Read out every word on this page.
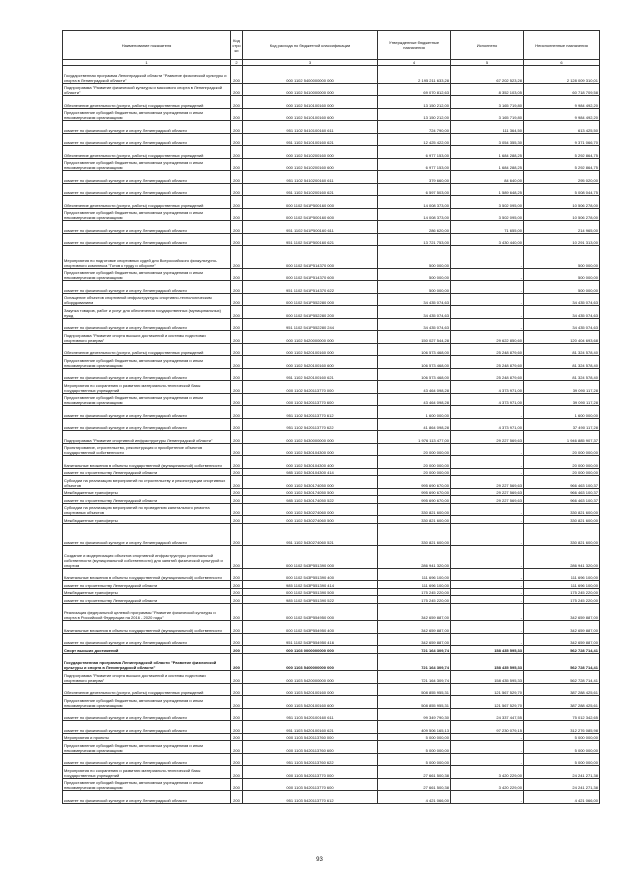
Наименование показателя	Код стро ки	Код расхода по бюджетной классификации	Утвержденные бюджетные назначения	Исполнено	Неисполненные назначения
1	2	3	4	5	6
Государственная программа Ленинградской области "Развитие физической культуры и спорта в Ленинградской области"	200	000 1102 5400000000 000	2 195 211 633,28	67 202 523,28	2 128 009 310,01
Подпрограмма "Развитие физической культуры и массового спорта в Ленинградской области"	200	000 1102 5410000000 000	69 070 812,63	8 352 103,05	60 718 709,58
Обеспечение деятельности (услуги, работы) государственных учреждений	200	000 1102 5410100160 000	13 150 212,00	3 165 719,80	9 984 492,20
Предоставление субсидий бюджетным, автономным учреждениям и иным некоммерческим организациям	200	000 1102 5410100160 600	13 150 212,00	3 165 719,80	9 984 492,20
комитет по физической культуре и спорту Ленинградской области	200	951 1102 5410100160 611	724 790,00	111 364,50	613 425,50
комитет по физической культуре и спорту Ленинградской области	200	951 1102 5410100160 621	12 425 422,00	3 054 355,30	9 371 066,70
Обеспечение деятельности (услуги, работы) государственных учреждений	200	000 1102 5410200160 000	6 977 153,00	1 684 288,25	5 292 864,75
Предоставление субсидий бюджетным, автономным учреждениям и иным некоммерческим организациям	200	000 1102 5410200160 600	6 977 153,00	1 684 288,25	5 292 864,75
комитет по физической культуре и спорту Ленинградской области	200	951 1102 5410200160 611	379 660,00	84 640,00	295 020,00
комитет по физической культуре и спорту Ленинградской области	200	951 1102 5410200160 621	6 597 503,00	1 589 648,25	5 008 044,75
Обеспечение деятельности (услуги, работы) государственных учреждений	200	000 1102 541P500160 000	14 008 373,00	3 502 095,00	10 506 278,00
Предоставление субсидий бюджетным, автономным учреждениям и иным некоммерческим организациям	200	000 1102 541P500160 600	14 008 373,00	3 502 095,00	10 506 278,00
комитет по физической культуре и спорту Ленинградской области	200	951 1102 541P500160 611	286 620,00	71 655,00	214 965,00
комитет по физической культуре и спорту Ленинградской области	200	951 1102 541P500160 621	13 721 753,00	3 430 440,00	10 291 313,00
Мероприятия по подготовке спортивных судей для Всероссийского физкультурно-спортивного комплекса "Готов к труду и обороне"	200	000 1102 541P514370 000	500 000,00	-	500 000,00
Предоставление субсидий бюджетным, автономным учреждениям и иным некоммерческим организациям	200	000 1102 541P514370 600	500 000,00	-	500 000,00
комитет по физической культуре и спорту Ленинградской области	200	951 1102 541P514370 622	500 000,00	-	500 000,00
Оснащение объектов спортивной инфраструктуры спортивно-технологическим оборудованием	200	000 1102 541P552280 000	34 435 074,63	-	34 435 074,63
Закупка товаров, работ и услуг для обеспечения государственных (муниципальных) нужд	200	000 1102 541P552280 200	34 435 074,63	-	34 435 074,63
комитет по физической культуре и спорту Ленинградской области	200	951 1102 541P552280 244	34 435 074,63	-	34 435 074,63
Подпрограмма "Развитие спорта высших достижений и системы подготовки спортивного резерва"	200	000 1102 5420000000 000	150 027 544,28	29 622 850,60	120 404 693,68
Обеспечение деятельности (услуги, работы) государственных учреждений	200	000 1102 5420100160 000	106 573 468,00	25 248 879,60	81 324 578,40
Предоставление субсидий бюджетным, автономным учреждениям и иным некоммерческим организациям	200	000 1102 5420100160 600	106 573 468,00	25 248 879,60	81 324 578,40
комитет по физической культуре и спорту Ленинградской области	200	951 1102 5420100160 621	106 573 468,00	25 248 879,60	81 324 578,40
Мероприятия по сохранению и развитию материально-технической базы государственных учреждений	200	000 1102 5420113770 000	43 464 098,28	4 373 971,00	39 090 117,28
Предоставление субсидий бюджетным, автономным учреждениям и иным некоммерческим организациям	200	000 1102 5420113770 600	43 464 098,28	4 373 971,00	39 090 117,28
комитет по физической культуре и спорту Ленинградской области	200	951 1102 5420113770 612	1 600 000,00	-	1 600 000,00
комитет по физической культуре и спорту Ленинградской области	200	951 1102 5420113770 622	41 864 098,28	4 373 971,00	37 490 117,28
Подпрограмма "Развитие спортивной инфраструктуры Ленинградской области"	200	000 1102 5430000000 000	1 976 113 477,00	29 227 569,63	1 946 885 907,37
Проектирование, строительство, реконструкция и приобретение объектов государственной собственности	200	000 1102 5430104300 000	20 000 000,00	-	20 000 000,00
Капитальные вложения в объекты государственной (муниципальной) собственности	200	000 1102 5430104300 400	20 000 000,00	-	20 000 000,00
комитет по строительству Ленинградской области	200	985 1102 5430104300 414	20 000 000,00	-	20 000 000,00
Субсидии на реализацию мероприятий по строительству и реконструкции спортивных объектов	200	000 1102 5430174050 000	995 690 670,00	29 227 569,63	966 463 100,37
Межбюджетные трансферты	200	000 1102 5430174050 500	995 690 670,00	29 227 569,63	966 463 100,37
комитет по строительству Ленинградской области	200	985 1102 5430174050 522	995 690 670,00	29 227 569,63	966 463 100,37
Субсидии на реализацию мероприятий по проведению капитального ремонта спортивных объектов	200	000 1102 5430274060 000	330 821 600,00	-	330 821 600,00
Межбюджетные трансферты	200	000 1102 5430274060 500	330 821 600,00	-	330 821 600,00
комитет по физической культуре и спорту Ленинградской области	200	951 1102 5430274060 521	330 821 600,00	-	330 821 600,00
Создание и модернизация объектов спортивной инфраструктуры региональной собственности (муниципальной собственности) для занятий физической культурой и спортом	200	000 1102 543P551390 000	286 941 320,00	-	286 941 320,00
Капитальные вложения в объекты государственной (муниципальной) собственности	200	000 1102 543P551390 400	111 696 100,00	-	111 696 100,00
комитет по строительству Ленинградской области	200	985 1102 543P551390 414	111 696 100,00	-	111 696 100,00
Межбюджетные трансферты	200	000 1102 543P551390 500	175 245 220,00	-	175 245 220,00
комитет по строительству Ленинградской области	200	985 1102 543P551390 522	175 245 220,00	-	175 245 220,00
Реализация федеральной целевой программы "Развитие физической культуры и спорта в Российской Федерации на 2016 - 2020 годы"	200	000 1102 543P554950 000	342 659 887,00	-	342 659 887,00
Капитальные вложения в объекты государственной (муниципальной) собственности	200	000 1102 543P554950 400	342 659 887,00	-	342 659 887,00
комитет по физической культуре и спорту Ленинградской области	200	951 1102 543P554950 416	342 659 887,00	-	342 659 887,00
Спорт высших достижений	200	000 1103 0000000000 000	721 164 309,74	158 435 595,33	562 728 714,41
Государственная программа Ленинградской области "Развитие физической культуры и спорта в Ленинградской области"	200	000 1103 5400000000 000	721 164 309,74	158 435 595,33	562 728 714,41
Подпрограмма "Развитие спорта высших достижений и системы подготовки спортивного резерва"	200	000 1103 5420000000 000	721 164 309,74	158 435 595,33	562 728 714,41
Обеспечение деятельности (услуги, работы) государственных учреждений	200	000 1103 5420100160 000	508 855 955,31	121 567 529,70	387 288 425,61
Предоставление субсидий бюджетным, автономным учреждениям и иным некоммерческим организациям	200	000 1103 5420100160 600	508 855 955,31	121 567 529,70	387 288 425,61
комитет по физической культуре и спорту Ленинградской области	200	951 1103 5420100160 611	99 349 790,30	24 337 447,55	75 012 342,65
комитет по физической культуре и спорту Ленинградской области	200	951 1103 5420100160 621	409 506 165,13	97 230 079,15	312 276 085,98
Мероприятия и проекты	200	000 1103 5420113760 000	5 000 000,00	-	5 000 000,00
Предоставление субсидий бюджетным, автономным учреждениям и иным некоммерческим организациям	200	000 1103 5420113760 600	5 000 000,00	-	5 000 000,00
комитет по физической культуре и спорту Ленинградской области	200	951 1103 5420113760 622	5 000 000,00	-	5 000 000,00
Мероприятия по сохранению и развитию материально-технической базы государственных учреждений	200	000 1103 5420113770 000	27 661 500,38	3 420 229,00	24 241 271,38
Предоставление субсидий бюджетным, автономным учреждениям и иным некоммерческим организациям	200	000 1103 5420113770 600	27 661 500,38	3 420 229,00	24 241 271,38
комитет по физической культуре и спорту Ленинградской области	200	951 1103 5420113770 612	4 421 066,00	-	4 421 066,00
93
